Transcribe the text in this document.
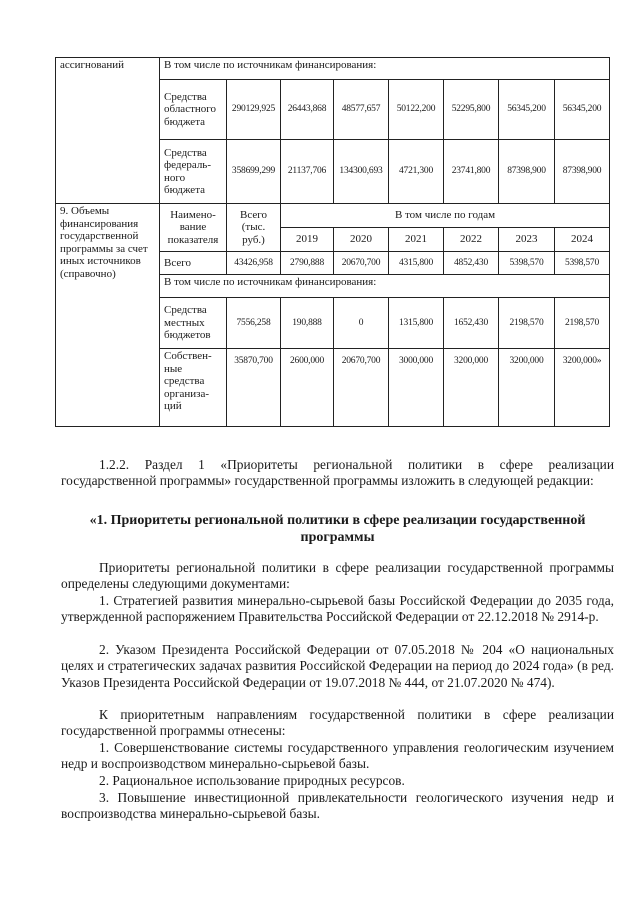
ассигнований	В том числе по источникам финансирования:							
	Средства областного бюджета	290129,925	26443,868	48577,657	50122,200	52295,800	56345,200	56345,200
	Средства федераль-ного бюджета	358699,299	21137,706	134300,693	4721,300	23741,800	87398,900	87398,900
9. Объемы финансирования государственной программы за счет иных источников (справочно)	Наимено-вание показателя	Всего (тыс. руб.)	В том числе по годам					
			2019	2020	2021	2022	2023	2024
	Всего	43426,958	2790,888	20670,700	4315,800	4852,430	5398,570	5398,570
	В том числе по источникам финансирования:							
	Средства местных бюджетов	7556,258	190,888	0	1315,800	1652,430	2198,570	2198,570
	Собствен-ные средства организа-ций	35870,700	2600,000	20670,700	3000,000	3200,000	3200,000	3200,000»
1.2.2. Раздел 1 «Приоритеты региональной политики в сфере реализации государственной программы» государственной программы изложить в следующей редакции:
«1. Приоритеты региональной политики в сфере реализации государственной программы
Приоритеты региональной политики в сфере реализации государственной программы определены следующими документами:
1. Стратегией развития минерально-сырьевой базы Российской Федерации до 2035 года, утвержденной распоряжением Правительства Российской Федерации от 22.12.2018 № 2914-р.
2. Указом Президента Российской Федерации от 07.05.2018 № 204 «О национальных целях и стратегических задачах развития Российской Федерации на период до 2024 года» (в ред. Указов Президента Российской Федерации от 19.07.2018 № 444, от 21.07.2020 № 474).
К приоритетным направлениям государственной политики в сфере реализации государственной программы отнесены:
1. Совершенствование системы государственного управления геологическим изучением недр и воспроизводством минерально-сырьевой базы.
2. Рациональное использование природных ресурсов.
3. Повышение инвестиционной привлекательности геологического изучения недр и воспроизводства минерально-сырьевой базы.
